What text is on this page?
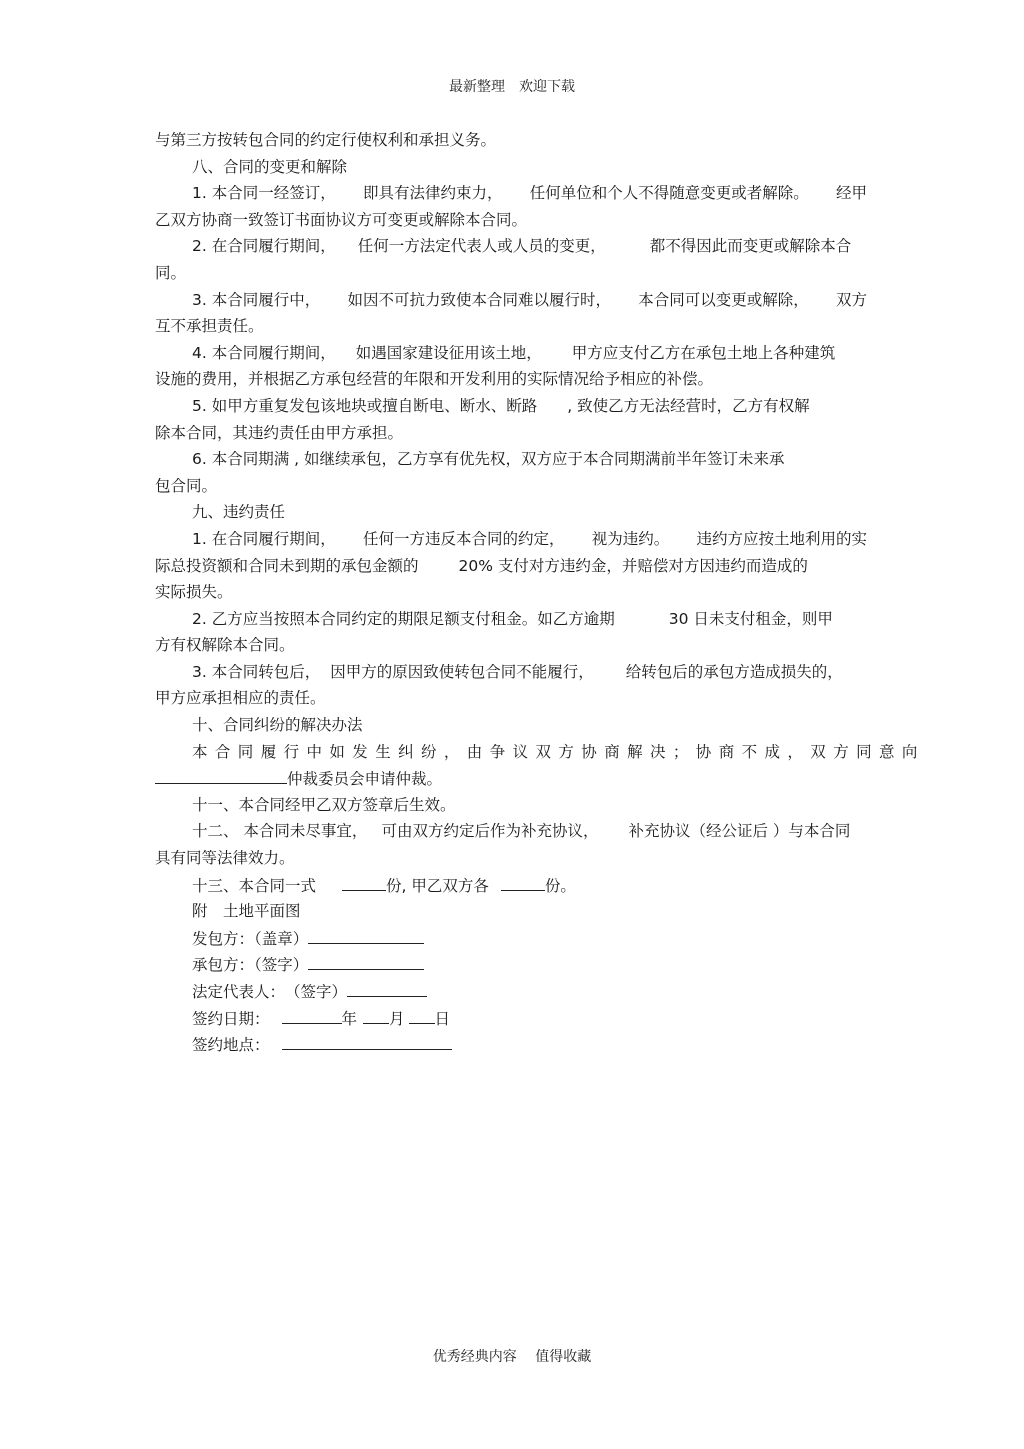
最新整理　欢迎下载
与第三方按转包合同的约定行使权利和承担义务。
八、合同的变更和解除
1. 本合同一经签订， 即具有法律约束力， 任何单位和个人不得随意变更或者解除。 经甲
乙双方协商一致签订书面协议方可变更或解除本合同。
2. 在合同履行期间， 任何一方法定代表人或人员的变更，	都不得因此而变更或解除本合
同。
3. 本合同履行中， 如因不可抗力致使本合同难以履行时， 本合同可以变更或解除， 双方
互不承担责任。
4. 本合同履行期间， 如遇国家建设征用该土地， 甲方应支付乙方在承包土地上各种建筑
设施的费用，并根据乙方承包经营的年限和开发利用的实际情况给予相应的补偿。
5. 如甲方重复发包该地块或擅自断电、断水、断路 , 致使乙方无法经营时，乙方有权解
除本合同，其违约责任由甲方承担。
6. 本合同期满 , 如继续承包，乙方享有优先权，双方应于本合同期满前半年签订未来承
包合同。
九、违约责任
1. 在合同履行期间， 任何一方违反本合同的约定， 视为违约。 违约方应按土地利用的实
际总投资额和合同未到期的承包金额的	20% 支付对方违约金，并赔偿对方因违约而造成的
实际损失。
2. 乙方应当按照本合同约定的期限足额支付租金。如乙方逾期	30 日未支付租金，则甲
方有权解除本合同。
3. 本合同转包后， 因甲方的原因致使转包合同不能履行， 给转包后的承包方造成损失的，
甲方应承担相应的责任。
十、合同纠纷的解决办法
本合同履行中如发生纠纷，由争议双方协商解决；协商不成，双方同意向
仲裁委员会申请仲裁。
十一、本合同经甲乙双方签章后生效。
十二、 本合同未尽事宜， 可由双方约定后作为补充协议， 补充协议（经公证后 ）与本合同
具有同等法律效力。
十三、本合同一式	份, 甲乙双方各	份。
附　土地平面图
发包方：（盖章）
承包方：（签字）
法定代表人：　（签字）
签约日期：	年 月 日
签约地点：
优秀经典内容　 值得收藏
